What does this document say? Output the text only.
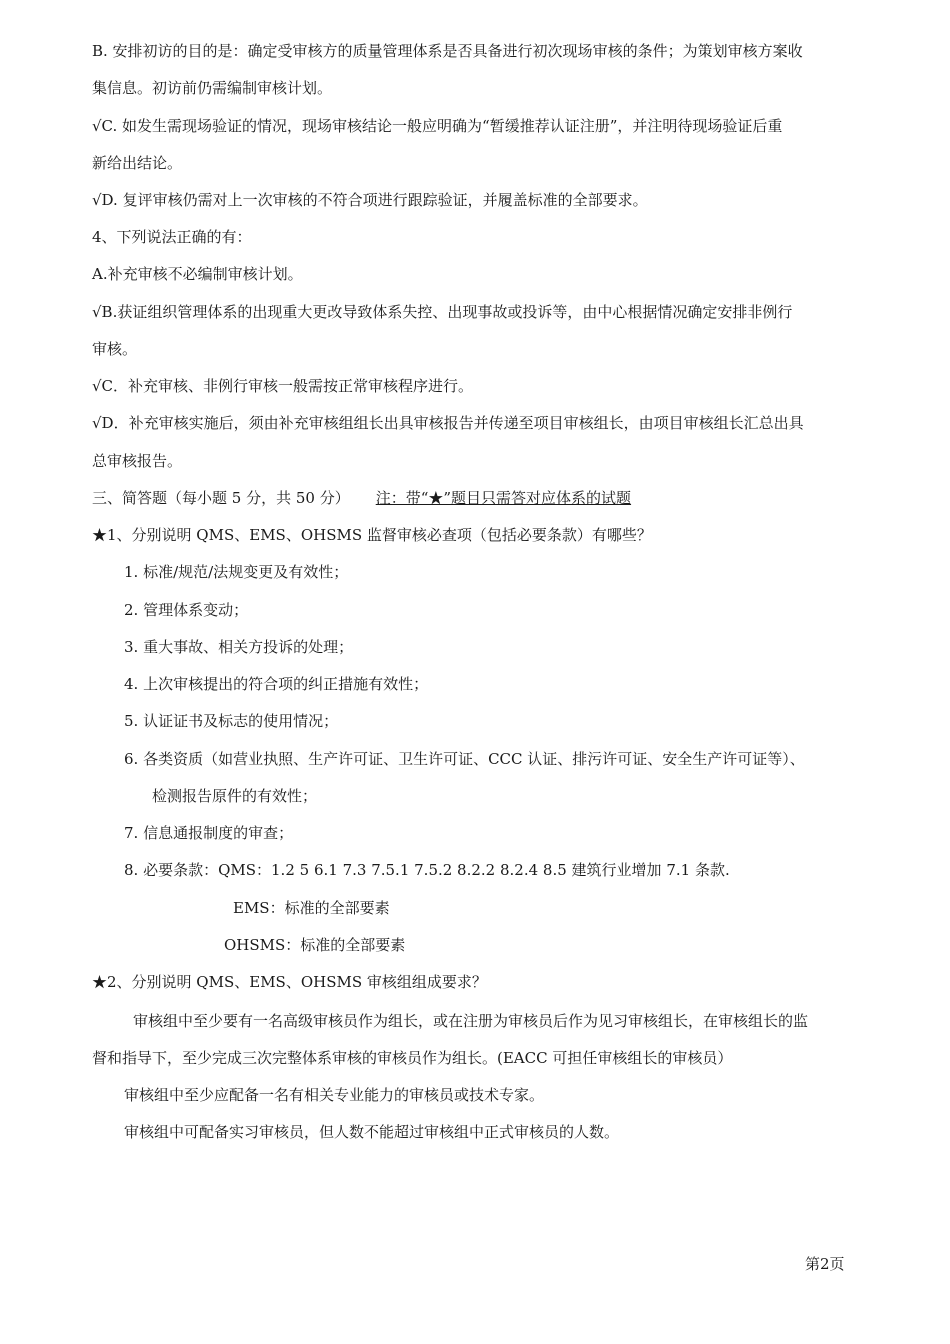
B. 安排初访的目的是：确定受审核方的质量管理体系是否具备进行初次现场审核的条件；为策划审核方案收
集信息。初访前仍需编制审核计划。
√C. 如发生需现场验证的情况，现场审核结论一般应明确为“暂缓推荐认证注册”，并注明待现场验证后重
新给出结论。
√D. 复评审核仍需对上一次审核的不符合项进行跟踪验证，并履盖标准的全部要求。
4、下列说法正确的有：
A.补充审核不必编制审核计划。
√B.获证组织管理体系的出现重大更改导致体系失控、出现事故或投诉等，由中心根据情况确定安排非例行
审核。
√C．补充审核、非例行审核一般需按正常审核程序进行。
√D．补充审核实施后，须由补充审核组组长出具审核报告并传递至项目审核组长，由项目审核组长汇总出具
总审核报告。
三、简答题（每小题 5 分，共 50 分） 注：带“★”题目只需答对应体系的试题
★1、分别说明 QMS、EMS、OHSMS 监督审核必查项（包括必要条款）有哪些？
1. 标准/规范/法规变更及有效性；
2. 管理体系变动；
3. 重大事故、相关方投诉的处理；
4. 上次审核提出的符合项的纠正措施有效性；
5. 认证证书及标志的使用情况；
6. 各类资质（如营业执照、生产许可证、卫生许可证、CCC 认证、排污许可证、安全生产许可证等）、
检测报告原件的有效性；
7. 信息通报制度的审查；
8. 必要条款：QMS：1.2 5 6.1 7.3 7.5.1 7.5.2 8.2.2 8.2.4 8.5 建筑行业增加 7.1 条款.
EMS：标准的全部要素
OHSMS：标准的全部要素
★2、分别说明 QMS、EMS、OHSMS 审核组组成要求？
审核组中至少要有一名高级审核员作为组长，或在注册为审核员后作为见习审核组长，在审核组长的监
督和指导下，至少完成三次完整体系审核的审核员作为组长。(EACC 可担任审核组长的审核员）
审核组中至少应配备一名有相关专业能力的审核员或技术专家。
审核组中可配备实习审核员，但人数不能超过审核组中正式审核员的人数。
第2页
